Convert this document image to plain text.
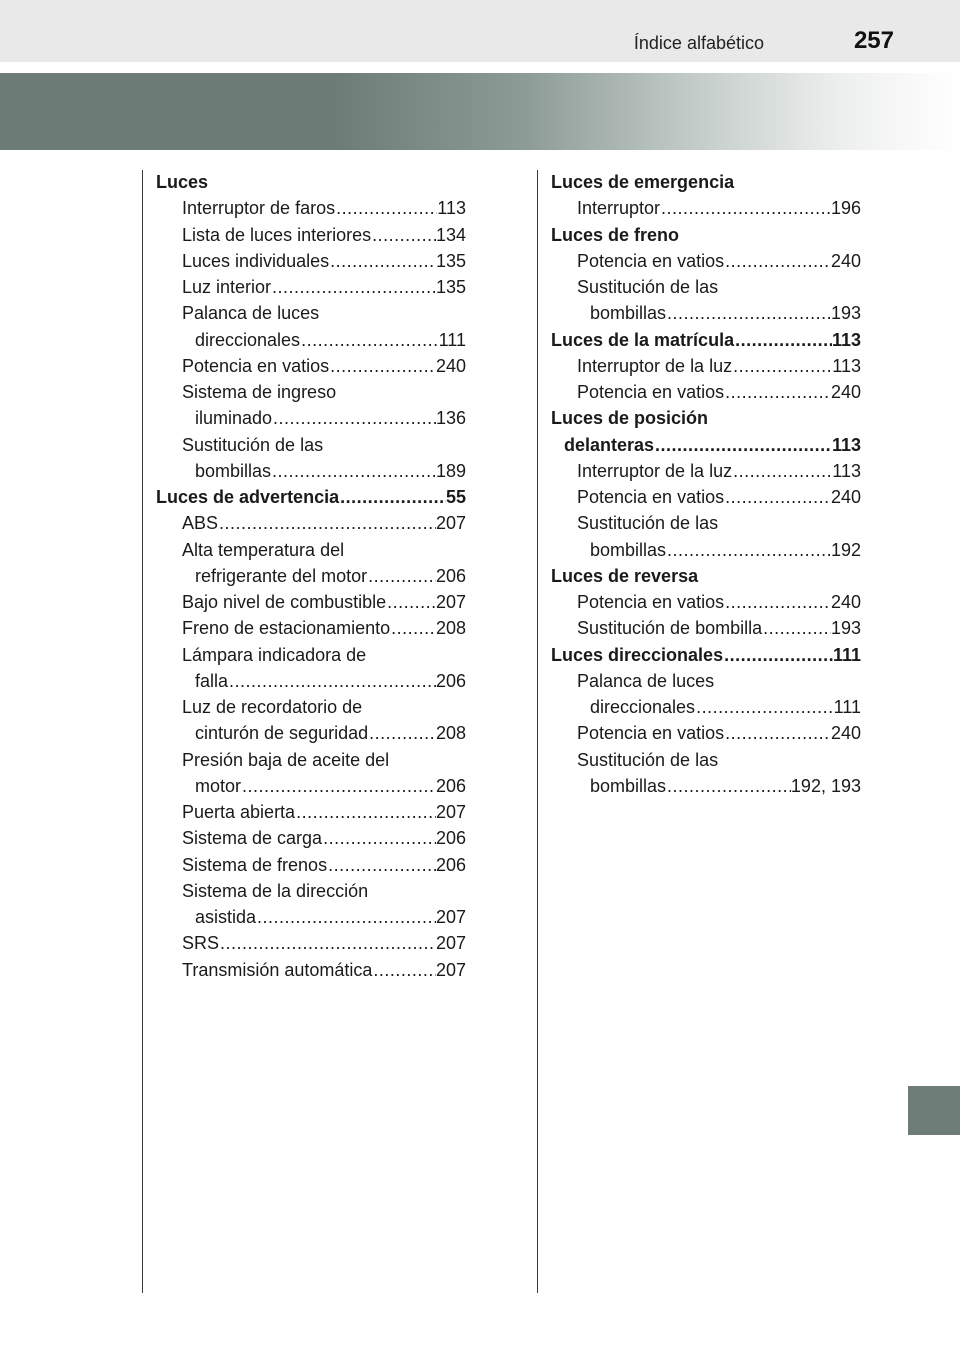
Índice alfabético	257
Luces
Interruptor de faros .....	113
Lista de luces interiores .....	134
Luces individuales .....	135
Luz interior .....	135
Palanca de luces
direccionales .....	111
Potencia en vatios .....	240
Sistema de ingreso
iluminado .....	136
Sustitución de las
bombillas .....	189
Luces de advertencia .....	55
ABS .....	207
Alta temperatura del
refrigerante del motor .....	206
Bajo nivel de combustible .....	207
Freno de estacionamiento .....	208
Lámpara indicadora de
falla .....	206
Luz de recordatorio de
cinturón de seguridad .....	208
Presión baja de aceite del
motor .....	206
Puerta abierta .....	207
Sistema de carga .....	206
Sistema de frenos .....	206
Sistema de la dirección
asistida .....	207
SRS .....	207
Transmisión automática .....	207
Luces de emergencia
Interruptor .....	196
Luces de freno
Potencia en vatios .....	240
Sustitución de las
bombillas .....	193
Luces de la matrícula .....	113
Interruptor de la luz .....	113
Potencia en vatios .....	240
Luces de posición
delanteras .....	113
Interruptor de la luz .....	113
Potencia en vatios .....	240
Sustitución de las
bombillas .....	192
Luces de reversa
Potencia en vatios .....	240
Sustitución de bombilla .....	193
Luces direccionales .....	111
Palanca de luces
direccionales .....	111
Potencia en vatios .....	240
Sustitución de las
bombillas .....	192, 193
